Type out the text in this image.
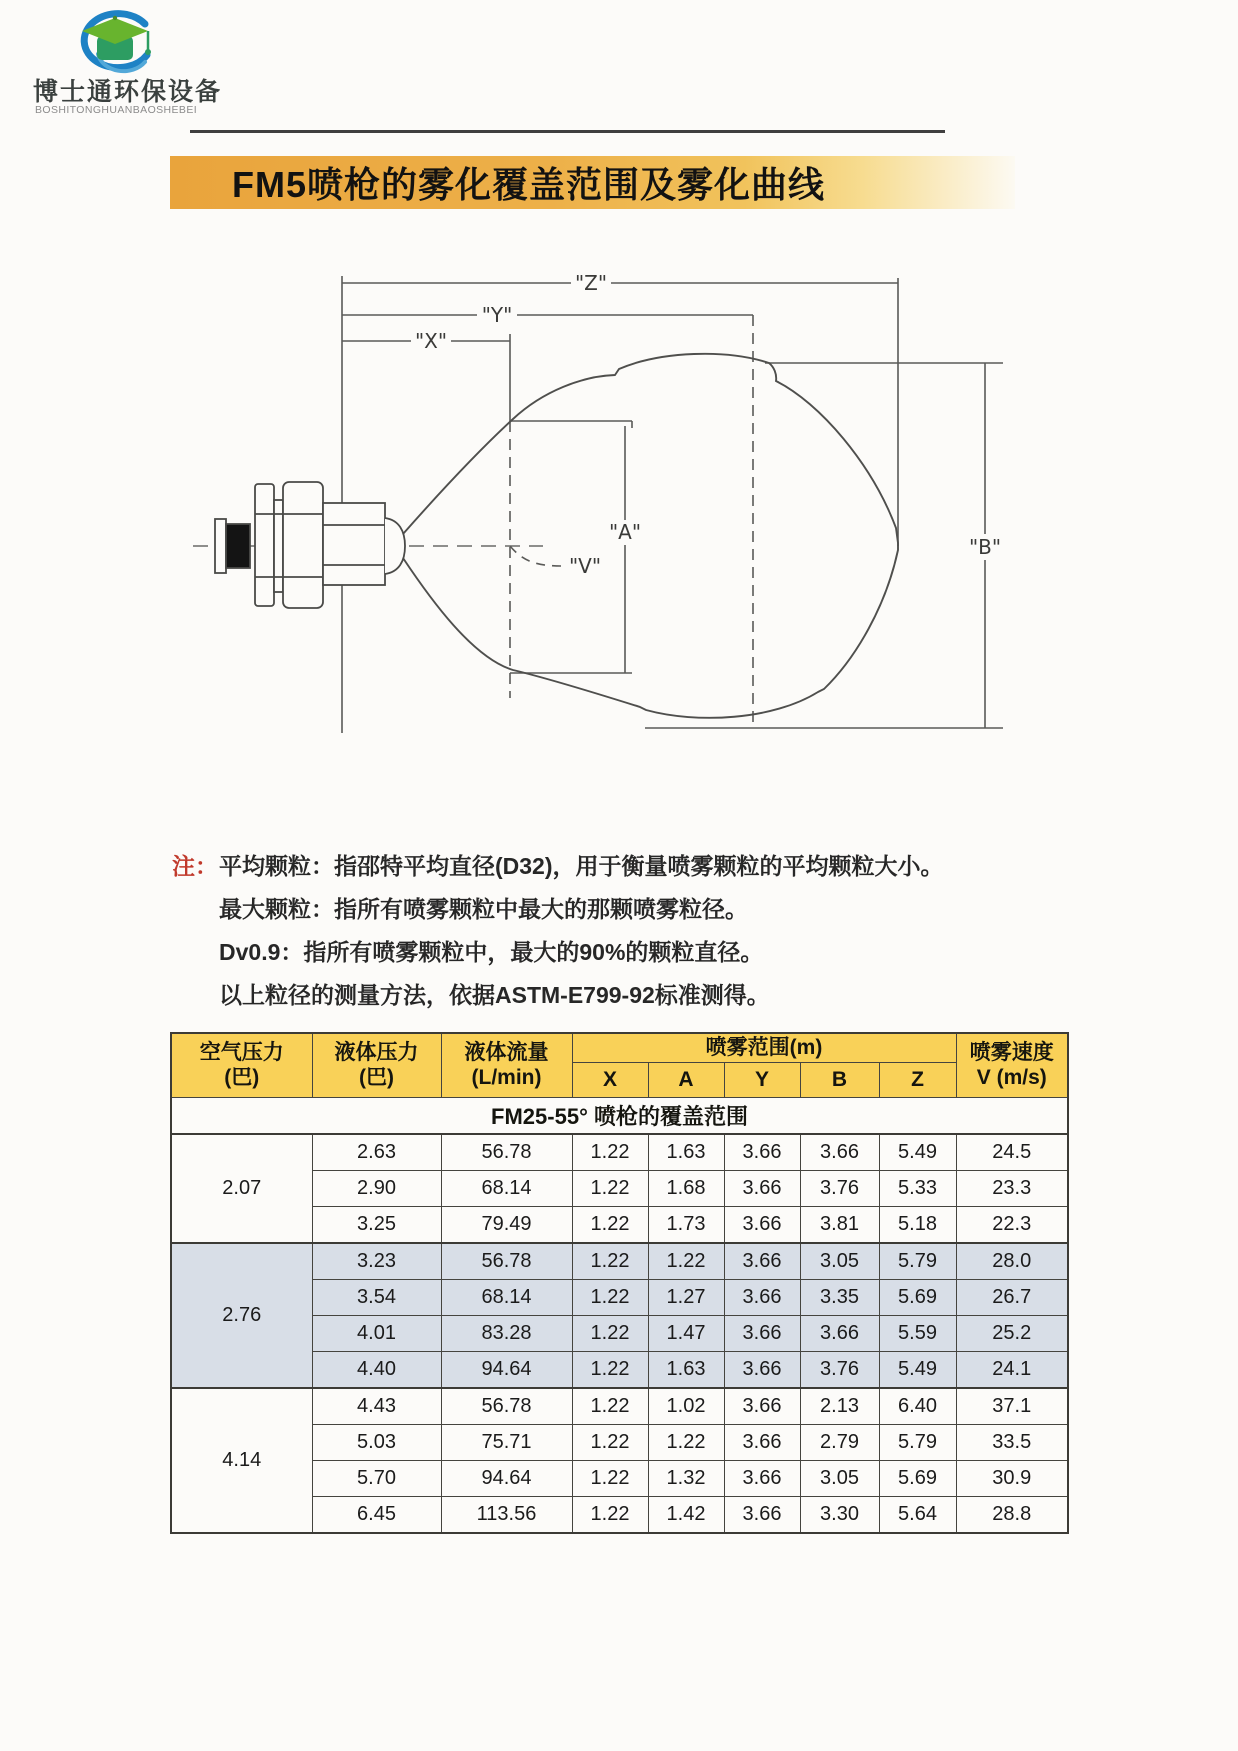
博士通环保设备
BOSHITONGHUANBAOSHEBEI
FM5喷枪的雾化覆盖范围及雾化曲线
"Z"
"Y"
"X"
"A"
"B"
"V"
注： 平均颗粒：指邵特平均直径(D32)，用于衡量喷雾颗粒的平均颗粒大小。
最大颗粒：指所有喷雾颗粒中最大的那颗喷雾粒径。
Dv0.9：指所有喷雾颗粒中，最大的90%的颗粒直径。
以上粒径的测量方法，依据ASTM-E799-92标准测得。
FM25-55° 喷枪的覆盖范围								

空气压力
(巴)

液体压力
(巴)

液体流量
(L/min)
	喷雾范围(m)	喷雾速度
V (m/s)

			X	A	Y	B	Z	
2.07	2.63	56.78	1.22	1.63	3.66	3.66	5.49	24.5
	2.90	68.14	1.22	1.68	3.66	3.76	5.33	23.3
	3.25	79.49	1.22	1.73	3.66	3.81	5.18	22.3
2.76	3.23	56.78	1.22	1.22	3.66	3.05	5.79	28.0
	3.54	68.14	1.22	1.27	3.66	3.35	5.69	26.7
	4.01	83.28	1.22	1.47	3.66	3.66	5.59	25.2
	4.40	94.64	1.22	1.63	3.66	3.76	5.49	24.1
4.14	4.43	56.78	1.22	1.02	3.66	2.13	6.40	37.1
	5.03	75.71	1.22	1.22	3.66	2.79	5.79	33.5
	5.70	94.64	1.22	1.32	3.66	3.05	5.69	30.9
	6.45	113.56	1.22	1.42	3.66	3.30	5.64	28.8
